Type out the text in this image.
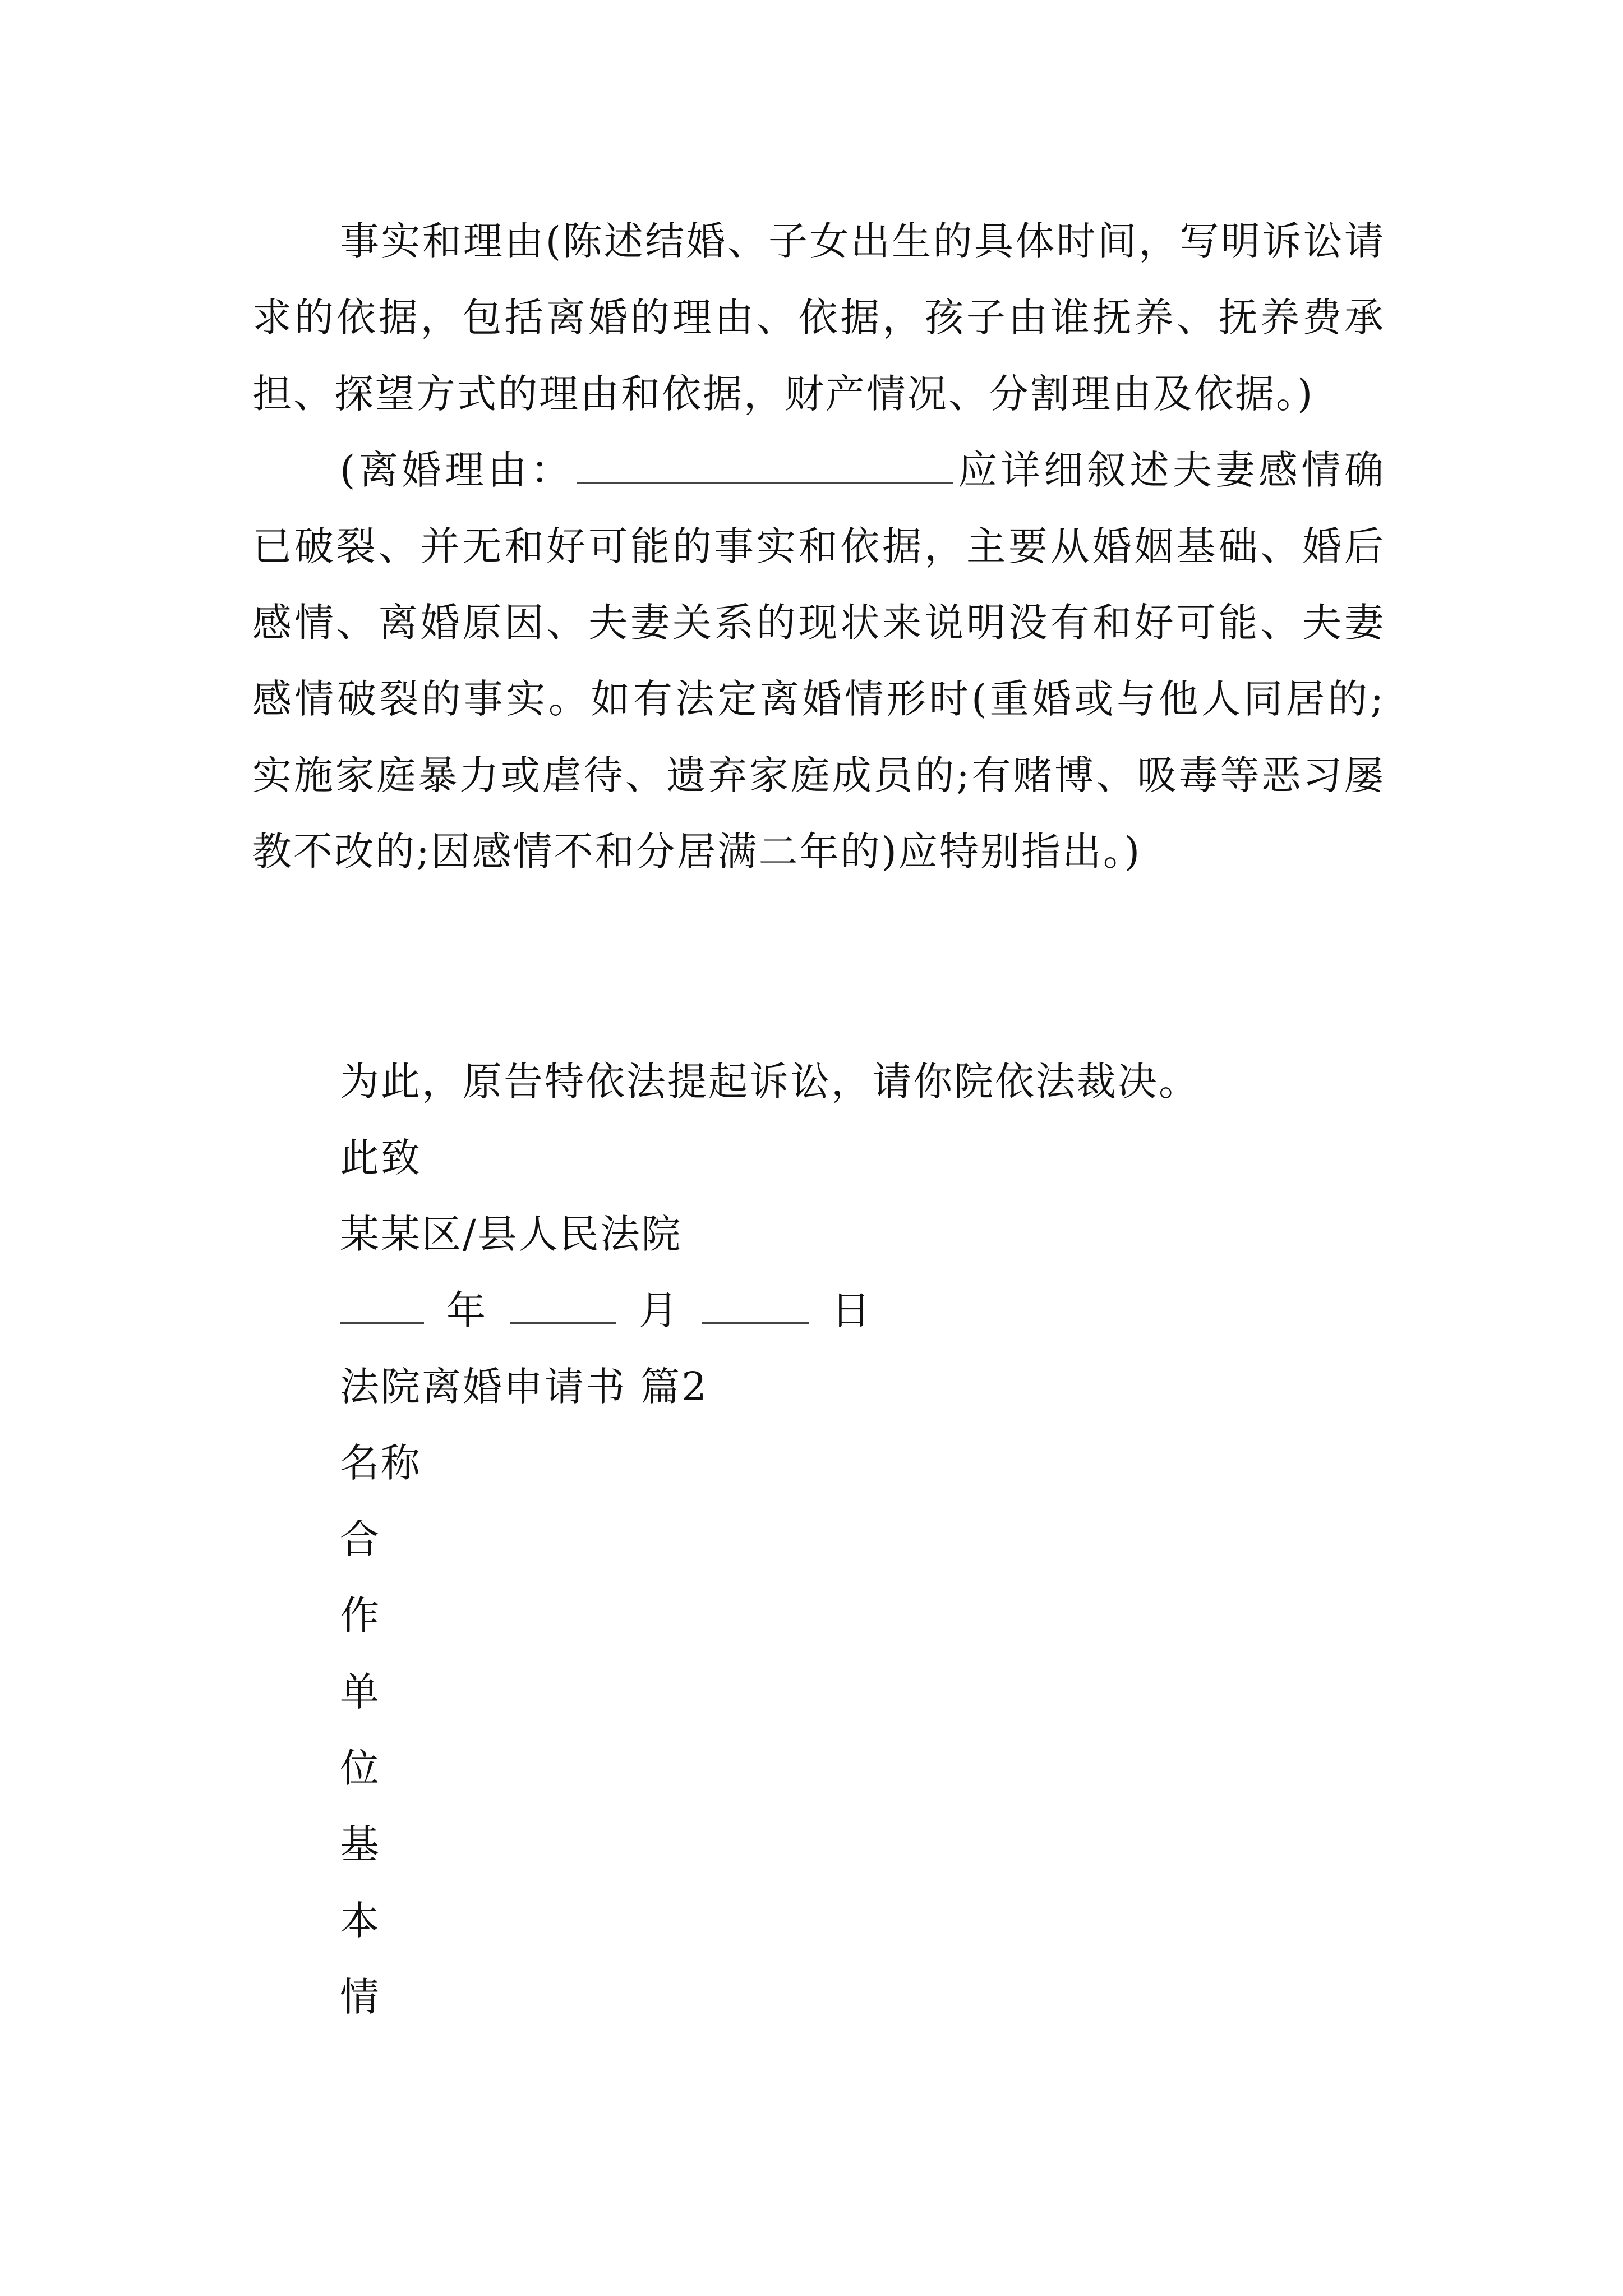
事实和理由(陈述结婚、子女出生的具体时间，写明诉讼请求的依据，包括离婚的理由、依据，孩子由谁抚养、抚养费承担、探望方式的理由和依据，财产情况、分割理由及依据。)

(离婚理由：	应详细叙述夫妻感情确已破裂、并无和好可能的事实和依据，主要从婚姻基础、婚后感情、离婚原因、夫妻关系的现状来说明没有和好可能、夫妻感情破裂的事实。如有法定离婚情形时(重婚或与他人同居的;实施家庭暴力或虐待、遗弃家庭成员的;有赌博、吸毒等恶习屡教不改的;因感情不和分居满二年的)应特别指出。)

为此，原告特依法提起诉讼，请你院依法裁决。

此致

某某区/县人民法院

年	月	日

法院离婚申请书 篇2

名称

合

作

单

位

基

本

情
